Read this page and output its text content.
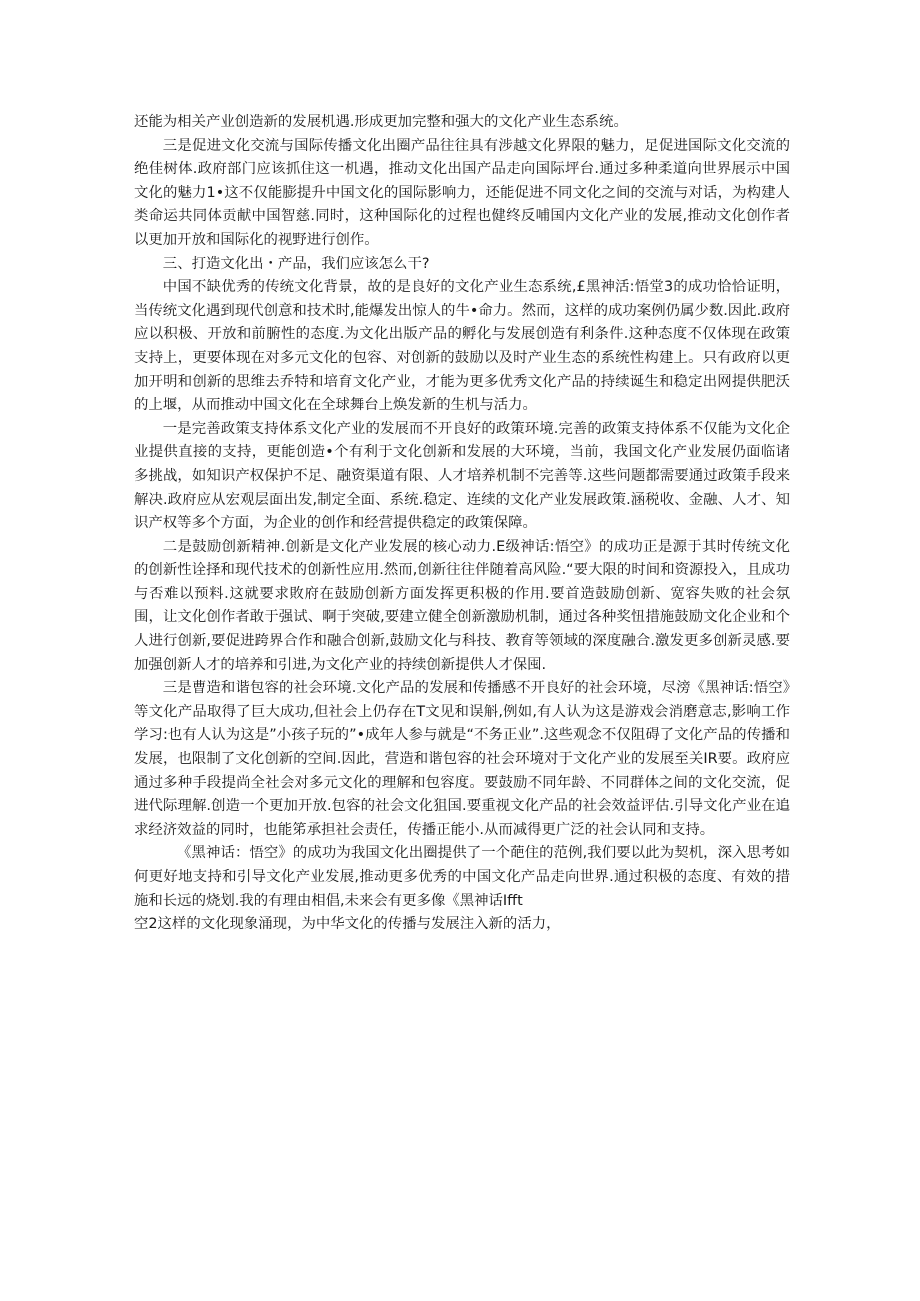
还能为相关产业创造新的发展机遇.形成更加完整和强大的文化产业生态系统。

三是促进文化交流与国际传播文化出圈产品往往具有涉越文化界限的魅力，足促进国际文化交流的绝佳树体.政府部门应该抓住这一机遇，推动文化出国产品走向国际坪台.通过多种柔道向世界展示中国文化的魅力1•这不仅能膨提升中国文化的国际影响力，还能促进不同文化之间的交流与对话，为构建人类命运共同体贡献中国智慈.同时，这种国际化的过程也健终反哺国内文化产业的发展,推动文化创作者以更加开放和国际化的视野进行创作。

三、打造文化出・产品，我们应该怎么干?

中国不缺优秀的传统文化背景，故的是良好的文化产业生态系统,£黑神活:悟堂3的成功恰恰证明，当传统文化遇到现代创意和技术时,能爆发出惊人的牛•命力。然而，这样的成功案例仍属少数.因此.政府应以积极、开放和前腑性的态度.为文化出版产品的孵化与发展创造有利条件.这种态度不仅体现在政策支持上，更要体现在对多元文化的包容、对创新的鼓励以及时产业生态的系统性构建上。只有政府以更加开明和创新的思维去乔特和培育文化产业，才能为更多优秀文化产品的持续诞生和稳定出网提供肥沃的上堰，从而推动中国文化在全球舞台上焕发新的生机与活力。

一是完善政策支持体系文化产业的发展而不开良好的政策环境.完善的政策支持体系不仅能为文化企业提供直接的支持，更能创造•个有利于文化创新和发展的大环境，当前，我国文化产业发展仍面临诸多挑战，如知识产权保护不足、融资渠道有限、人才培养机制不完善等.这些问题都需要通过政策手段来解决.政府应从宏观层面出发,制定全面、系统.稳定、连续的文化产业发展政策.涵税收、金融、人才、知识产权等多个方面，为企业的创作和经营提供稳定的政策保障。

二是鼓励创新精神.创新是文化产业发展的核心动力.E级神话:悟空》的成功正是源于其时传统文化的创新性诠择和现代技术的创新性应用.然而,创新往往伴随着高风险.“要大限的时间和资源投入，且成功与否难以预料.这就要求敗府在鼓励创新方面发挥更积极的作用.要首造鼓励创新、宽容失败的社会氛围，让文化创作者敢于强试、啊于突破,要建立健全创新激励机制，通过各种奖忸措施鼓励文化企业和个人进行创新,要促进跨界合作和融合创新,鼓励文化与科技、教育等领域的深度融合.激发更多创新灵感.要加强创新人才的培养和引进,为文化产业的持续创新提供人才保囤.

三是曹造和谐包容的社会环境.文化产品的发展和传播感不开良好的社会环境，尽滂《黑神话:悟空》等文化产品取得了巨大成功,但社会上仍存在T文见和误斛,例如,有人认为这是游戏会消磨意志,影响工作学习:也有人认为这是”小孩子玩的”•成年人参与就是“不务正业”.这些观念不仅阻碍了文化产品的传播和发展，也限制了文化创新的空间.因此，营造和谐包容的社会环境对于文化产业的发展至关IR要。政府应通过多种手段提尚全社会对多元文化的理解和包容度。要鼓励不同年龄、不同群体之间的文化交流，促进代际理解.创造一个更加开放.包容的社会文化狙国.要重视文化产品的社会效益评估.引导文化产业在追求经济效益的同时，也能笫承担社会责任，传播正能小.从而减得更广泛的社会认同和支持。

《黑神话：悟空》的成功为我国文化出圈提供了一个葩住的范例,我们要以此为契机，深入思考如何更好地支持和引导文化产业发展,推动更多优秀的中国文化产品走向世界.通过积极的态度、有效的措施和长远的烧划.我的有理由相倡,未来会有更多像《黑神话Ifft

空2这样的文化现象涌现，为中华文化的传播与发展注入新的活力，
